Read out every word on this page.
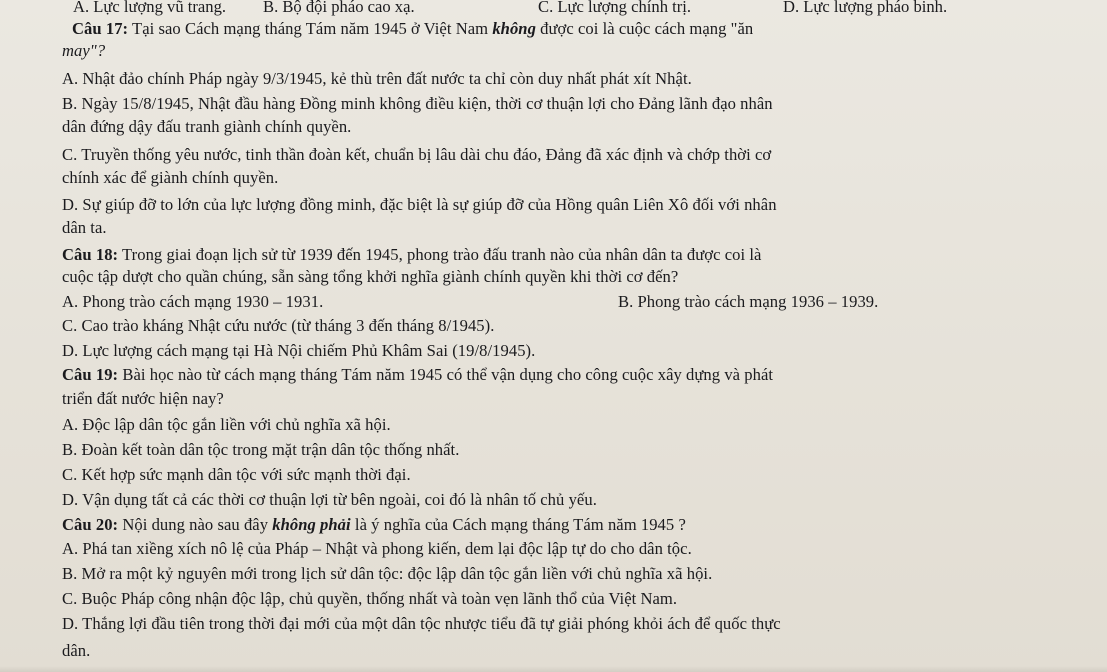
A. Lực lượng vũ trang. B. Bộ đội pháo cao xạ.	C. Lực lượng chính trị.	D. Lực lượng pháo binh.
Câu 17: Tại sao Cách mạng tháng Tám năm 1945 ở Việt Nam không được coi là cuộc cách mạng "ăn
may"?
A. Nhật đảo chính Pháp ngày 9/3/1945, kẻ thù trên đất nước ta chỉ còn duy nhất phát xít Nhật.
B. Ngày 15/8/1945, Nhật đầu hàng Đồng minh không điều kiện, thời cơ thuận lợi cho Đảng lãnh đạo nhân
dân đứng dậy đấu tranh giành chính quyền.
C. Truyền thống yêu nước, tinh thần đoàn kết, chuẩn bị lâu dài chu đáo, Đảng đã xác định và chớp thời cơ
chính xác để giành chính quyền.
D. Sự giúp đỡ to lớn của lực lượng đồng minh, đặc biệt là sự giúp đỡ của Hồng quân Liên Xô đối với nhân
dân ta.
Câu 18: Trong giai đoạn lịch sử từ 1939 đến 1945, phong trào đấu tranh nào của nhân dân ta được coi là
cuộc tập dượt cho quần chúng, sẵn sàng tổng khởi nghĩa giành chính quyền khi thời cơ đến?
A. Phong trào cách mạng 1930 – 1931.	B. Phong trào cách mạng 1936 – 1939.
C. Cao trào kháng Nhật cứu nước (từ tháng 3 đến tháng 8/1945).
D. Lực lượng cách mạng tại Hà Nội chiếm Phủ Khâm Sai (19/8/1945).
Câu 19: Bài học nào từ cách mạng tháng Tám năm 1945 có thể vận dụng cho công cuộc xây dựng và phát
triển đất nước hiện nay?
A. Độc lập dân tộc gắn liền với chủ nghĩa xã hội.
B. Đoàn kết toàn dân tộc trong mặt trận dân tộc thống nhất.
C. Kết hợp sức mạnh dân tộc với sức mạnh thời đại.
D. Vận dụng tất cả các thời cơ thuận lợi từ bên ngoài, coi đó là nhân tố chủ yếu.
Câu 20: Nội dung nào sau đây không phải là ý nghĩa của Cách mạng tháng Tám năm 1945 ?
A. Phá tan xiềng xích nô lệ của Pháp – Nhật và phong kiến, dem lại độc lập tự do cho dân tộc.
B. Mở ra một kỷ nguyên mới trong lịch sử dân tộc: độc lập dân tộc gắn liền với chủ nghĩa xã hội.
C. Buộc Pháp công nhận độc lập, chủ quyền, thống nhất và toàn vẹn lãnh thổ của Việt Nam.
D. Thắng lợi đầu tiên trong thời đại mới của một dân tộc nhược tiểu đã tự giải phóng khỏi ách để quốc thực
dân.
